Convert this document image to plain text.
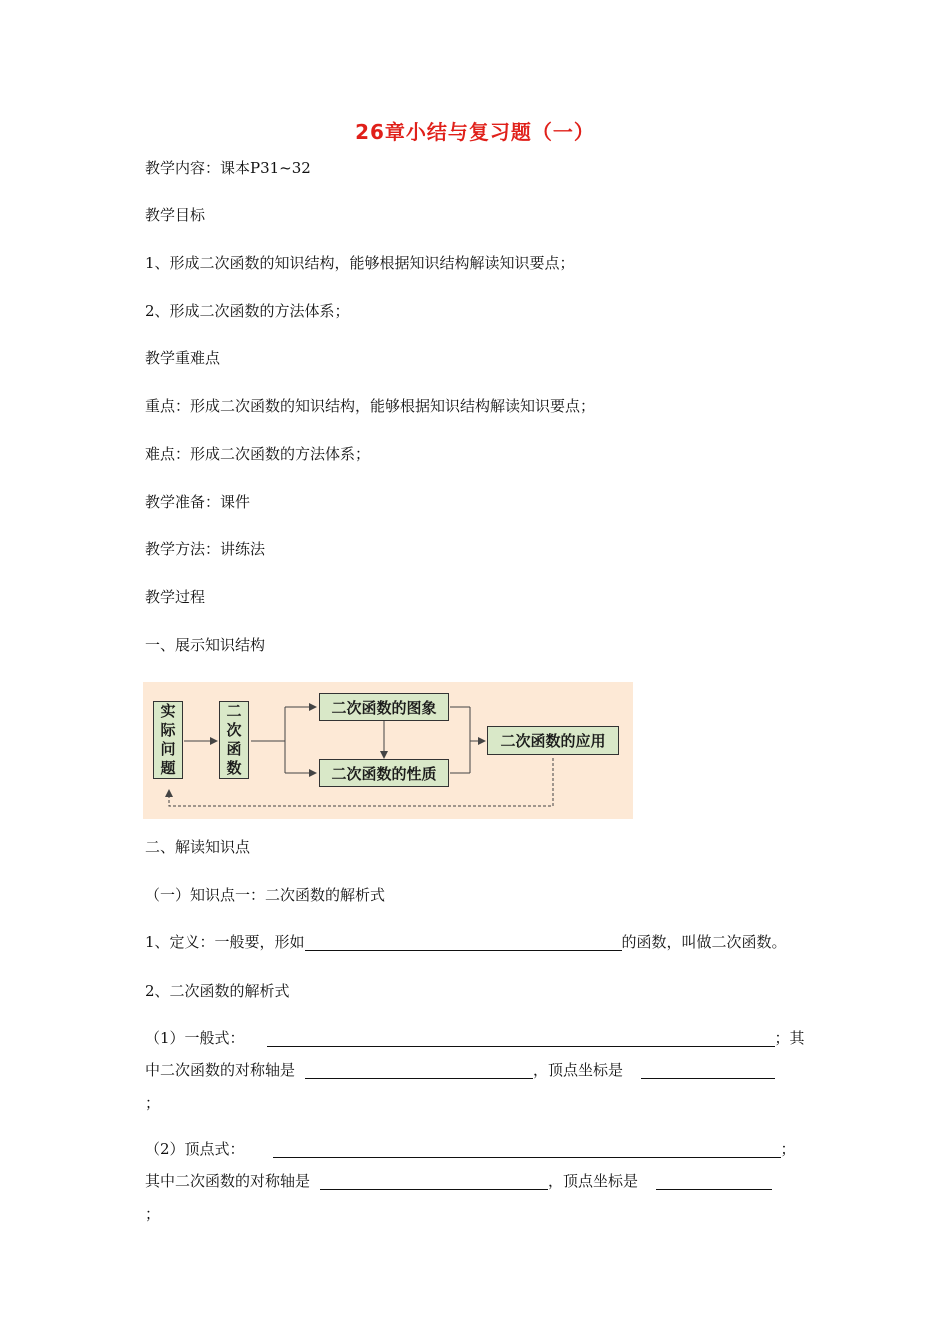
26章小结与复习题（一）
教学内容：课本P31~32
教学目标
1、形成二次函数的知识结构，能够根据知识结构解读知识要点；
2、形成二次函数的方法体系；
教学重难点
重点：形成二次函数的知识结构，能够根据知识结构解读知识要点；
难点：形成二次函数的方法体系；
教学准备：课件
教学方法：讲练法
教学过程
一、展示知识结构
实
际
问
题
二
次
函
数
二次函数的图象
二次函数的性质
二次函数的应用
二、解读知识点
（一）知识点一：二次函数的解析式
1、定义：一般要，形如	的函数，叫做二次函数。
2、二次函数的解析式
（1）一般式：	；其
中二次函数的对称轴是	，顶点坐标是
；
（2）顶点式：	；
其中二次函数的对称轴是	，顶点坐标是
；
